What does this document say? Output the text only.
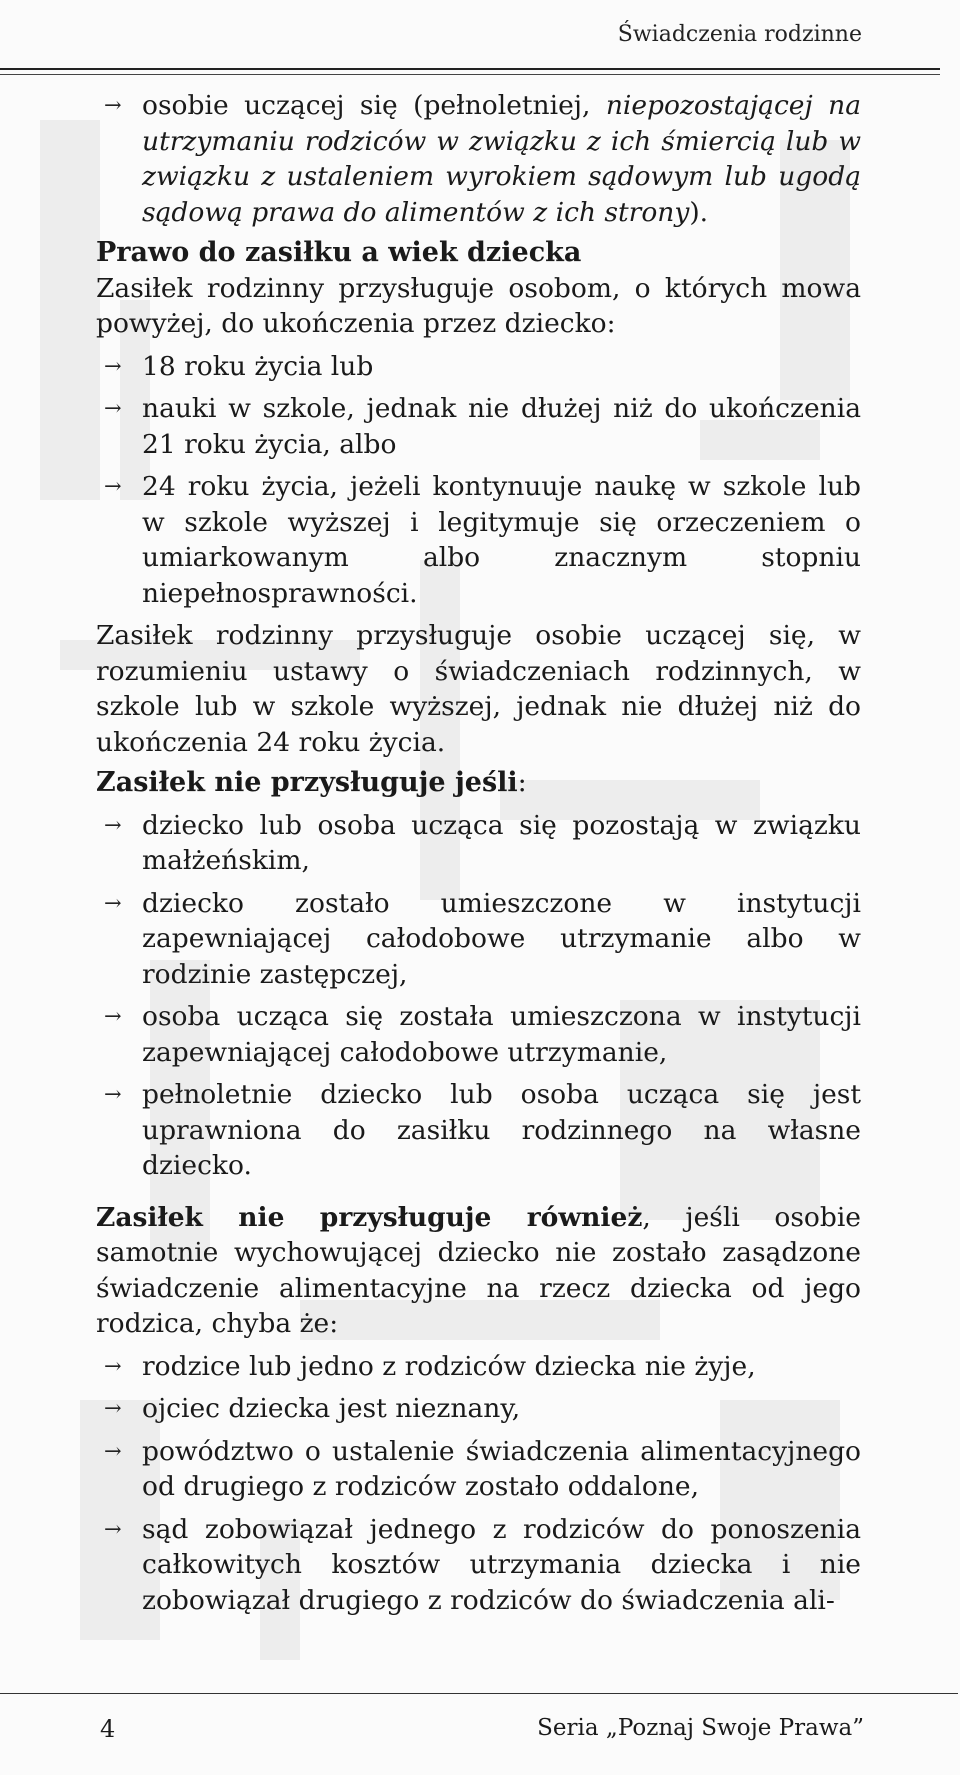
Świadczenia rodzinne
→ osobie uczącej się (pełnoletniej, niepozostającej na utrzymaniu rodziców w związku z ich śmiercią lub w związku z ustaleniem wyrokiem sądowym lub ugodą sądową prawa do alimentów z ich strony).
Prawo do zasiłku a wiek dziecka

Zasiłek rodzinny przysługuje osobom, o których mowa powyżej, do ukończenia przez dziecko:

→ 18 roku życia lub
→ nauki w szkole, jednak nie dłużej niż do ukończenia 21 roku życia, albo
→ 24 roku życia, jeżeli kontynuuje naukę w szkole lub w szkole wyższej i legitymuje się orzeczeniem o umiarkowanym albo znacznym stopniu niepełnosprawności.

Zasiłek rodzinny przysługuje osobie uczącej się, w rozumieniu ustawy o świadczeniach rodzinnych, w szkole lub w szkole wyższej, jednak nie dłużej niż do ukończenia 24 roku życia.

Zasiłek nie przysługuje jeśli:
→ dziecko lub osoba ucząca się pozostają w związku małżeńskim,
→ dziecko zostało umieszczone w instytucji zapewniającej całodobowe utrzymanie albo w rodzinie zastępczej,
→ osoba ucząca się została umieszczona w instytucji zapewniającej całodobowe utrzymanie,
→ pełnoletnie dziecko lub osoba ucząca się jest uprawniona do zasiłku rodzinnego na własne dziecko.

Zasiłek nie przysługuje również, jeśli osobie samotnie wychowującej dziecko nie zostało zasądzone świadczenie alimentacyjne na rzecz dziecka od jego rodzica, chyba że:

→ rodzice lub jedno z rodziców dziecka nie żyje,
→ ojciec dziecka jest nieznany,
→ powództwo o ustalenie świadczenia alimentacyjnego od drugiego z rodziców zostało oddalone,
→ sąd zobowiązał jednego z rodziców do ponoszenia całkowitych kosztów utrzymania dziecka i nie zobowiązał drugiego z rodziców do świadczenia ali-
4	Seria „Poznaj Swoje Prawa”
